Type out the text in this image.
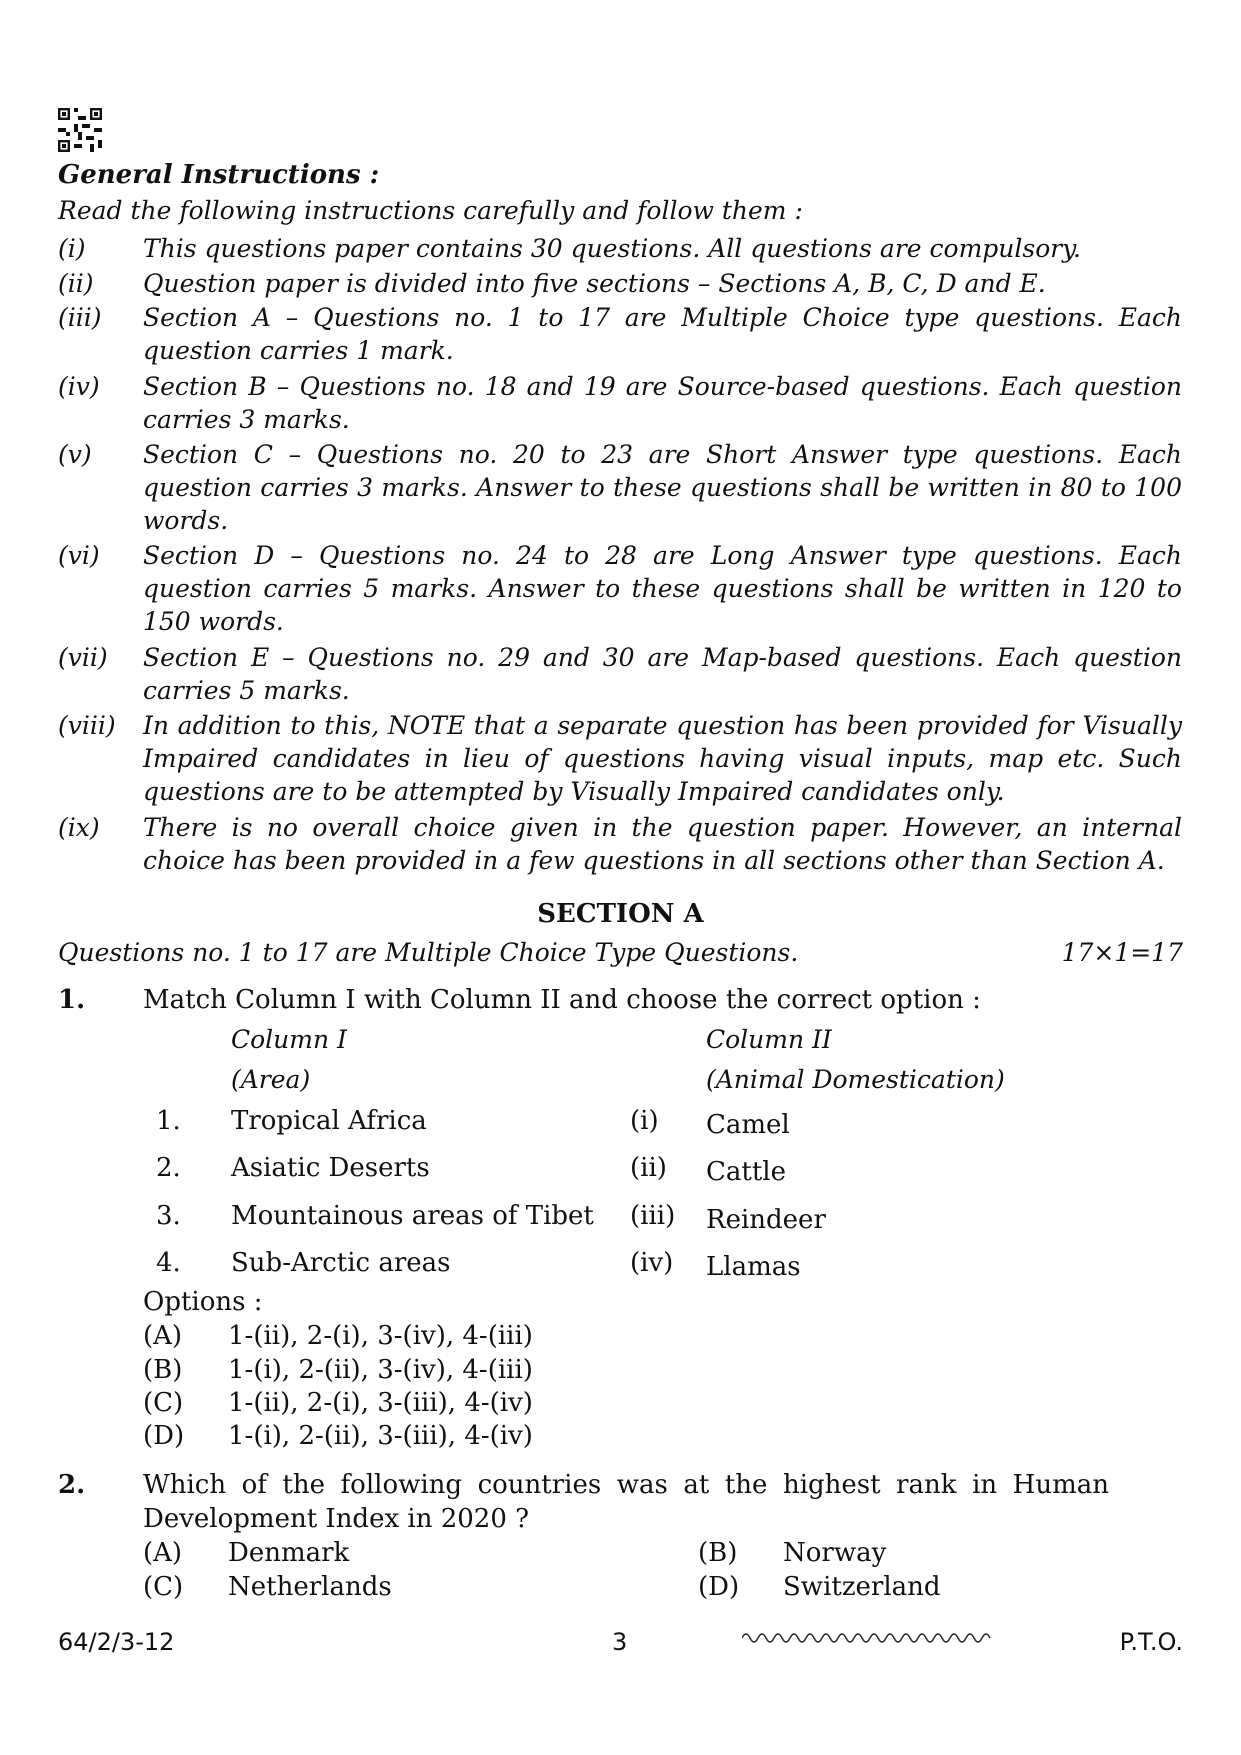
General Instructions :
Read the following instructions carefully and follow them :
(i) This questions paper contains 30 questions. All questions are compulsory.
(ii) Question paper is divided into five sections – Sections A, B, C, D and E.
(iii) Section A – Questions no. 1 to 17 are Multiple Choice type questions. Each question carries 1 mark.
(iv) Section B – Questions no. 18 and 19 are Source-based questions. Each question carries 3 marks.
(v) Section C – Questions no. 20 to 23 are Short Answer type questions. Each question carries 3 marks. Answer to these questions shall be written in 80 to 100 words.
(vi) Section D – Questions no. 24 to 28 are Long Answer type questions. Each question carries 5 marks. Answer to these questions shall be written in 120 to 150 words.
(vii) Section E – Questions no. 29 and 30 are Map-based questions. Each question carries 5 marks.
(viii) In addition to this, NOTE that a separate question has been provided for Visually Impaired candidates in lieu of questions having visual inputs, map etc. Such questions are to be attempted by Visually Impaired candidates only.
(ix) There is no overall choice given in the question paper. However, an internal choice has been provided in a few questions in all sections other than Section A.
SECTION A
Questions no. 1 to 17 are Multiple Choice Type Questions.	17×1=17
1. Match Column I with Column II and choose the correct option :
Column I
(Area)
Column II
(Animal Domestication)
1. Tropical Africa	(i) Camel
2. Asiatic Deserts	(ii) Cattle
3. Mountainous areas of Tibet (iii) Reindeer
4. Sub-Arctic areas	(iv) Llamas
Options :
(A) 1-(ii), 2-(i), 3-(iv), 4-(iii)
(B) 1-(i), 2-(ii), 3-(iv), 4-(iii)
(C) 1-(ii), 2-(i), 3-(iii), 4-(iv)
(D) 1-(i), 2-(ii), 3-(iii), 4-(iv)
2. Which of the following countries was at the highest rank in Human
Development Index in 2020 ?
(A) Denmark	(B) Norway
(C) Netherlands	(D) Switzerland
64/2/3-12	3	P.T.O.
